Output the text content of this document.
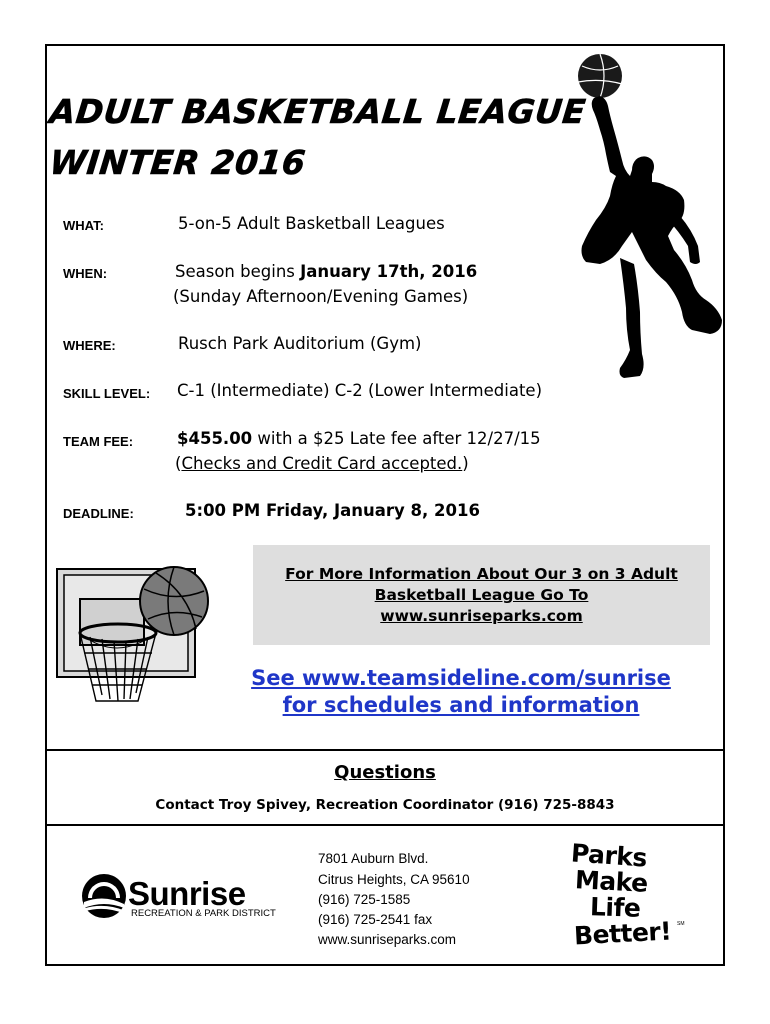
ADULT BASKETBALL LEAGUE
WINTER 2016
WHAT:	5-on-5 Adult Basketball Leagues
WHEN:	Season begins January 17th, 2016
(Sunday Afternoon/Evening Games)
WHERE:	Rusch Park Auditorium (Gym)
SKILL LEVEL: C-1 (Intermediate) C-2 (Lower Intermediate)
TEAM FEE:	$455.00 with a $25 Late fee after 12/27/15
(Checks and Credit Card accepted.)
DEADLINE:	5:00 PM Friday, January 8, 2016
For More Information About Our 3 on 3 Adult
Basketball League Go To
www.sunriseparks.com
See www.teamsideline.com/sunrise
for schedules and information
Questions
Contact Troy Spivey, Recreation Coordinator (916) 725-8843
Sunrise
RECREATION & PARK DISTRICT
7801 Auburn Blvd.
Citrus Heights, CA 95610
(916) 725-1585
(916) 725-2541 fax
www.sunriseparks.com
Parks
Make
Life
Better! SM
